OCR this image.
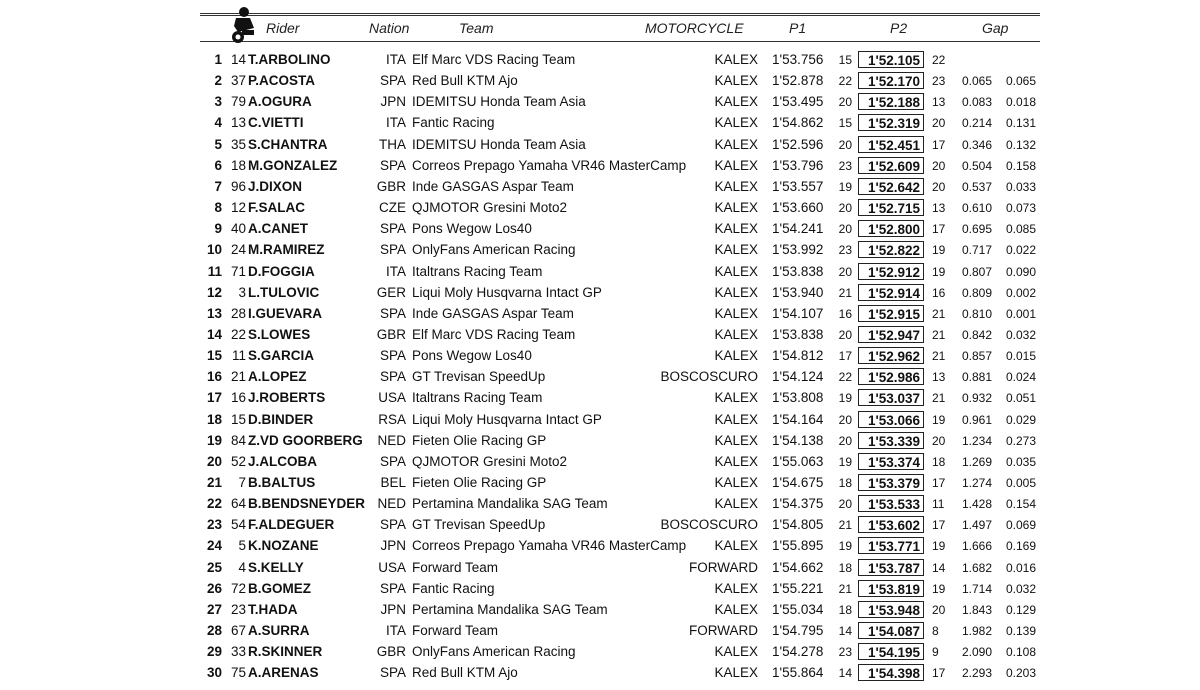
Rider	Nation	Team	MOTORCYCLE	P1	P2	Gap
1 14 T.ARBOLINO	ITA Elf Marc VDS Racing Team	KALEX 1'53.756 15	1'52.105	22
2 37 P.ACOSTA	SPA Red Bull KTM Ajo	KALEX 1'52.878 22	1'52.170	23	0.065	0.065
3 79 A.OGURA	JPN IDEMITSU Honda Team Asia	KALEX 1'53.495 20	1'52.188	13	0.083	0.018
4 13 C.VIETTI	ITA Fantic Racing	KALEX 1'54.862 15	1'52.319	20	0.214	0.131
5 35 S.CHANTRA	THA IDEMITSU Honda Team Asia	KALEX 1'52.596 20	1'52.451	17	0.346	0.132
6 18 M.GONZALEZ	SPA Correos Prepago Yamaha VR46 MasterCamp	KALEX 1'53.796 23	1'52.609	20	0.504	0.158
7 96 J.DIXON	GBR Inde GASGAS Aspar Team	KALEX 1'53.557 19	1'52.642	20	0.537	0.033
8 12 F.SALAC	CZE QJMOTOR Gresini Moto2	KALEX 1'53.660 20	1'52.715	13	0.610	0.073
9 40 A.CANET	SPA Pons Wegow Los40	KALEX 1'54.241 20	1'52.800	17	0.695	0.085
10 24 M.RAMIREZ	SPA OnlyFans American Racing	KALEX 1'53.992 23	1'52.822	19	0.717	0.022
11 71 D.FOGGIA	ITA Italtrans Racing Team	KALEX 1'53.838 20	1'52.912	19	0.807	0.090
12	3 L.TULOVIC	GER Liqui Moly Husqvarna Intact GP	KALEX 1'53.940 21	1'52.914	16	0.809	0.002
13 28 I.GUEVARA	SPA Inde GASGAS Aspar Team	KALEX 1'54.107 16	1'52.915	21	0.810	0.001
14 22 S.LOWES	GBR Elf Marc VDS Racing Team	KALEX 1'53.838 20	1'52.947	21	0.842	0.032
15 11 S.GARCIA	SPA Pons Wegow Los40	KALEX 1'54.812 17	1'52.962	21	0.857	0.015
16 21 A.LOPEZ	SPA GT Trevisan SpeedUp	BOSCOSCURO 1'54.124 22	1'52.986	13	0.881	0.024
17 16 J.ROBERTS	USA Italtrans Racing Team	KALEX 1'53.808 19	1'53.037	21	0.932	0.051
18 15 D.BINDER	RSA Liqui Moly Husqvarna Intact GP	KALEX 1'54.164 20	1'53.066	19	0.961	0.029
19 84 Z.VD GOORBERG	NED Fieten Olie Racing GP	KALEX 1'54.138 20	1'53.339	20	1.234	0.273
20 52 J.ALCOBA	SPA QJMOTOR Gresini Moto2	KALEX 1'55.063 19	1'53.374	18	1.269	0.035
21	7 B.BALTUS	BEL Fieten Olie Racing GP	KALEX 1'54.675 18	1'53.379	17	1.274	0.005
22 64 B.BENDSNEYDER NED Pertamina Mandalika SAG Team	KALEX 1'54.375 20	1'53.533	11	1.428	0.154
23 54 F.ALDEGUER	SPA GT Trevisan SpeedUp	BOSCOSCURO 1'54.805 21	1'53.602	17	1.497	0.069
24	5 K.NOZANE	JPN Correos Prepago Yamaha VR46 MasterCamp	KALEX 1'55.895 19	1'53.771	19	1.666	0.169
25	4 S.KELLY	USA Forward Team	FORWARD 1'54.662 18	1'53.787	14	1.682	0.016
26 72 B.GOMEZ	SPA Fantic Racing	KALEX 1'55.221 21	1'53.819	19	1.714	0.032
27 23 T.HADA	JPN Pertamina Mandalika SAG Team	KALEX 1'55.034 18	1'53.948	20	1.843	0.129
28 67 A.SURRA	ITA Forward Team	FORWARD 1'54.795 14	1'54.087	8	1.982	0.139
29 33 R.SKINNER	GBR OnlyFans American Racing	KALEX 1'54.278 23	1'54.195	9	2.090	0.108
30 75 A.ARENAS	SPA Red Bull KTM Ajo	KALEX 1'55.864 14	1'54.398	17	2.293	0.203
